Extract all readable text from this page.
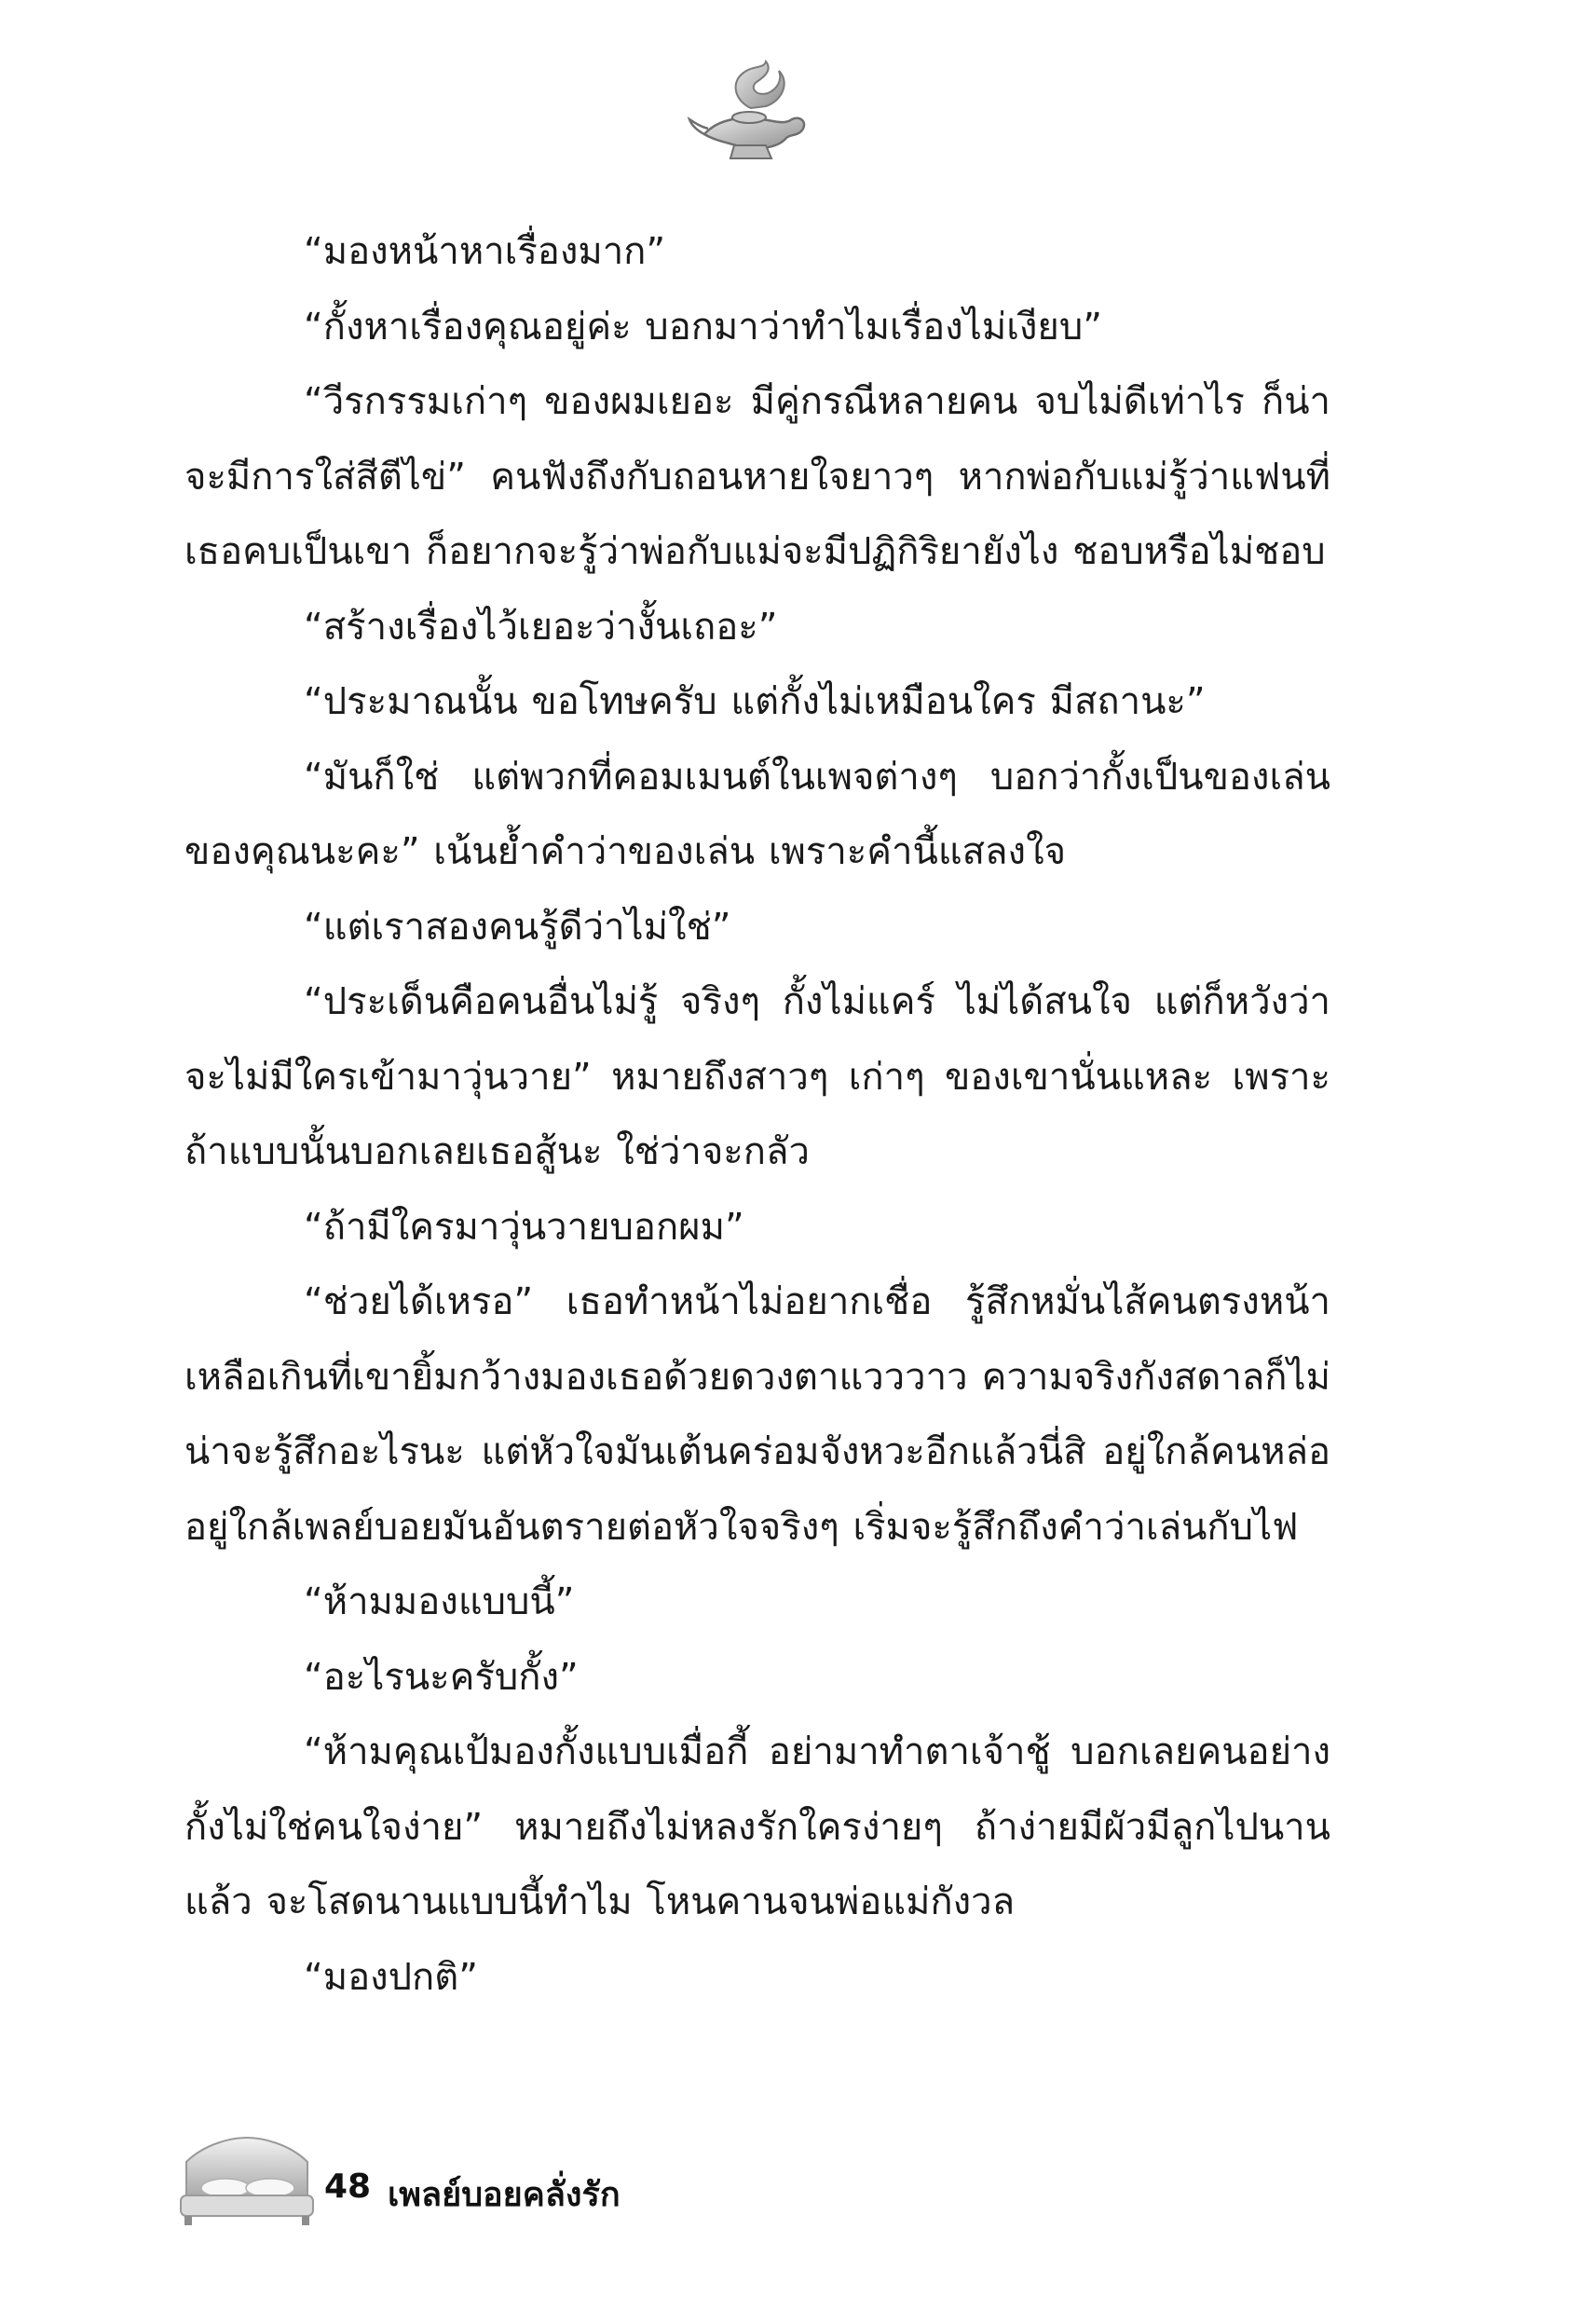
“มองหน้าหาเรื่องมาก”

“กั้งหาเรื่องคุณอยู่ค่ะ บอกมาว่าทำไมเรื่องไม่เงียบ”

“วีรกรรมเก่าๆ ของผมเยอะ มีคู่กรณีหลายคน จบไม่ดีเท่าไร ก็น่าจะมีการใส่สีตีไข่” คนฟังถึงกับถอนหายใจยาวๆ หากพ่อกับแม่รู้ว่าแฟนที่เธอคบเป็นเขา ก็อยากจะรู้ว่าพ่อกับแม่จะมีปฏิกิริยายังไง ชอบหรือไม่ชอบ

“สร้างเรื่องไว้เยอะว่างั้นเถอะ”

“ประมาณนั้น ขอโทษครับ แต่กั้งไม่เหมือนใคร มีสถานะ”

“มันก็ใช่ แต่พวกที่คอมเมนต์ในเพจต่างๆ บอกว่ากั้งเป็นของเล่นของคุณนะคะ” เน้นย้ำคำว่าของเล่น เพราะคำนี้แสลงใจ

“แต่เราสองคนรู้ดีว่าไม่ใช่”

“ประเด็นคือคนอื่นไม่รู้ จริงๆ กั้งไม่แคร์ ไม่ได้สนใจ แต่ก็หวังว่าจะไม่มีใครเข้ามาวุ่นวาย” หมายถึงสาวๆ เก่าๆ ของเขานั่นแหละ เพราะถ้าแบบนั้นบอกเลยเธอสู้นะ ใช่ว่าจะกลัว

“ถ้ามีใครมาวุ่นวายบอกผม”

“ช่วยได้เหรอ” เธอทำหน้าไม่อยากเชื่อ รู้สึกหมั่นไส้คนตรงหน้าเหลือเกินที่เขายิ้มกว้างมองเธอด้วยดวงตาแวววาว ความจริงกังสดาลก็ไม่น่าจะรู้สึกอะไรนะ แต่หัวใจมันเต้นคร่อมจังหวะอีกแล้วนี่สิ อยู่ใกล้คนหล่อ อยู่ใกล้เพลย์บอยมันอันตรายต่อหัวใจจริงๆ เริ่มจะรู้สึกถึงคำว่าเล่นกับไฟ

“ห้ามมองแบบนี้”

“อะไรนะครับกั้ง”

“ห้ามคุณเป้มองกั้งแบบเมื่อกี้ อย่ามาทำตาเจ้าชู้ บอกเลยคนอย่างกั้งไม่ใช่คนใจง่าย” หมายถึงไม่หลงรักใครง่ายๆ ถ้าง่ายมีผัวมีลูกไปนานแล้ว จะโสดนานแบบนี้ทำไม โหนคานจนพ่อแม่กังวล

“มองปกติ”

48 เพลย์บอยคลั่งรัก
